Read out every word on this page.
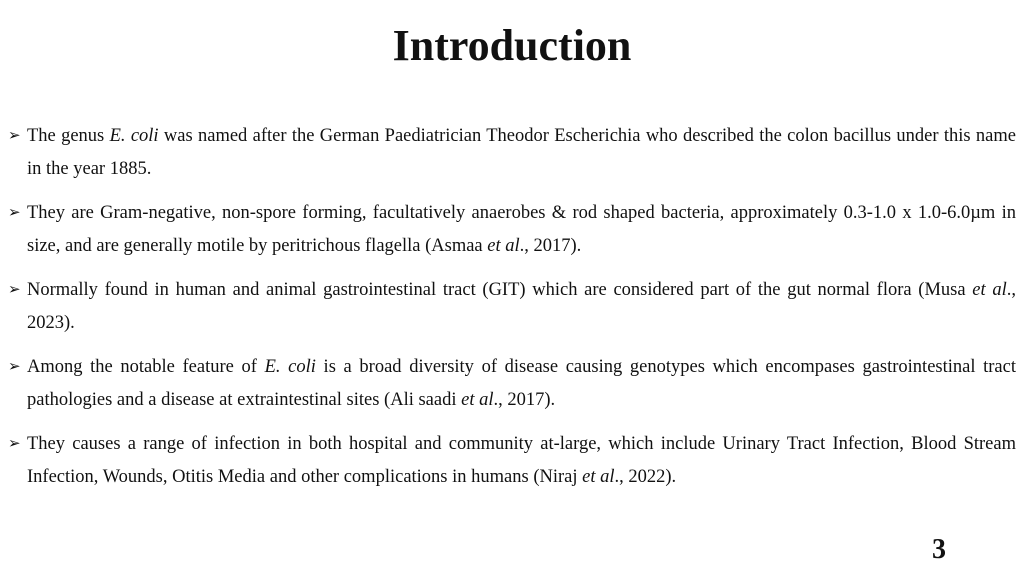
Introduction
➢ The genus E. coli was named after the German Paediatrician Theodor Escherichia who described the colon bacillus under this name in the year 1885.
➢ They are Gram-negative, non-spore forming, facultatively anaerobes & rod shaped bacteria, approximately 0.3-1.0 x 1.0-6.0µm in size, and are generally motile by peritrichous flagella (Asmaa et al., 2017).
➢ Normally found in human and animal gastrointestinal tract (GIT) which are considered part of the gut normal flora (Musa et al., 2023).
➢ Among the notable feature of E. coli is a broad diversity of disease causing genotypes which encompases gastrointestinal tract pathologies and a disease at extraintestinal sites (Ali saadi et al., 2017).
➢ They causes a range of infection in both hospital and community at-large, which include Urinary Tract Infection, Blood Stream Infection, Wounds, Otitis Media and other complications in humans (Niraj et al., 2022).
3
